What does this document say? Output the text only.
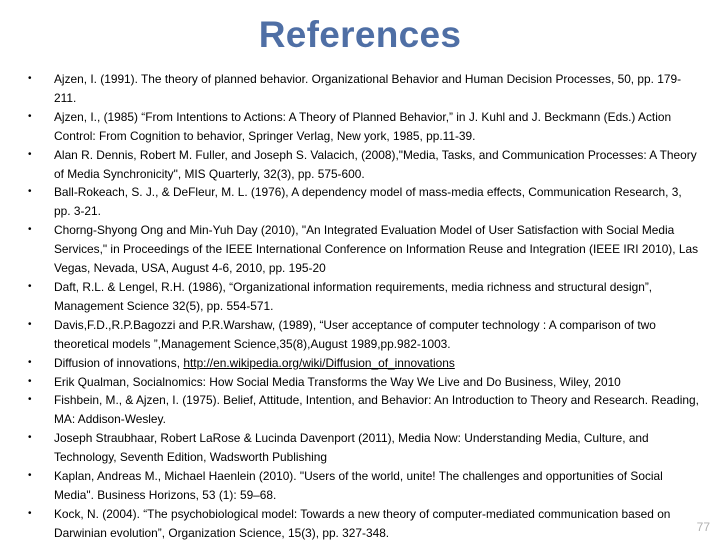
References
• Ajzen, I. (1991). The theory of planned behavior. Organizational Behavior and Human Decision Processes, 50, pp. 179-211.
• Ajzen, I., (1985) “From Intentions to Actions: A Theory of Planned Behavior,” in J. Kuhl and J. Beckmann (Eds.) Action Control: From Cognition to behavior, Springer Verlag, New york, 1985, pp.11-39.
• Alan R. Dennis, Robert M. Fuller, and Joseph S. Valacich, (2008),"Media, Tasks, and Communication Processes: A Theory of Media Synchronicity", MIS Quarterly, 32(3), pp. 575-600.
• Ball-Rokeach, S. J., & DeFleur, M. L. (1976), A dependency model of mass-media effects, Communication Research, 3, pp. 3-21.
• Chorng-Shyong Ong and Min-Yuh Day (2010), "An Integrated Evaluation Model of User Satisfaction with Social Media Services," in Proceedings of the IEEE International Conference on Information Reuse and Integration (IEEE IRI 2010), Las Vegas, Nevada, USA, August 4-6, 2010, pp. 195-20
• Daft, R.L. & Lengel, R.H. (1986), “Organizational information requirements, media richness and structural design”, Management Science 32(5), pp. 554-571.
• Davis,F.D.,R.P.Bagozzi and P.R.Warshaw, (1989), “User acceptance of computer technology : A comparison of two theoretical models ”,Management Science,35(8),August 1989,pp.982-1003.
• Diffusion of innovations, http://en.wikipedia.org/wiki/Diffusion_of_innovations
• Erik Qualman, Socialnomics: How Social Media Transforms the Way We Live and Do Business, Wiley, 2010
• Fishbein, M., & Ajzen, I. (1975). Belief, Attitude, Intention, and Behavior: An Introduction to Theory and Research. Reading, MA: Addison-Wesley.
• Joseph Straubhaar, Robert LaRose & Lucinda Davenport (2011), Media Now: Understanding Media, Culture, and Technology, Seventh Edition, Wadsworth Publishing
• Kaplan, Andreas M., Michael Haenlein (2010). "Users of the world, unite! The challenges and opportunities of Social Media". Business Horizons, 53 (1): 59–68.
• Kock, N. (2004). “The psychobiological model: Towards a new theory of computer-mediated communication based on Darwinian evolution”, Organization Science, 15(3), pp. 327-348.	77
